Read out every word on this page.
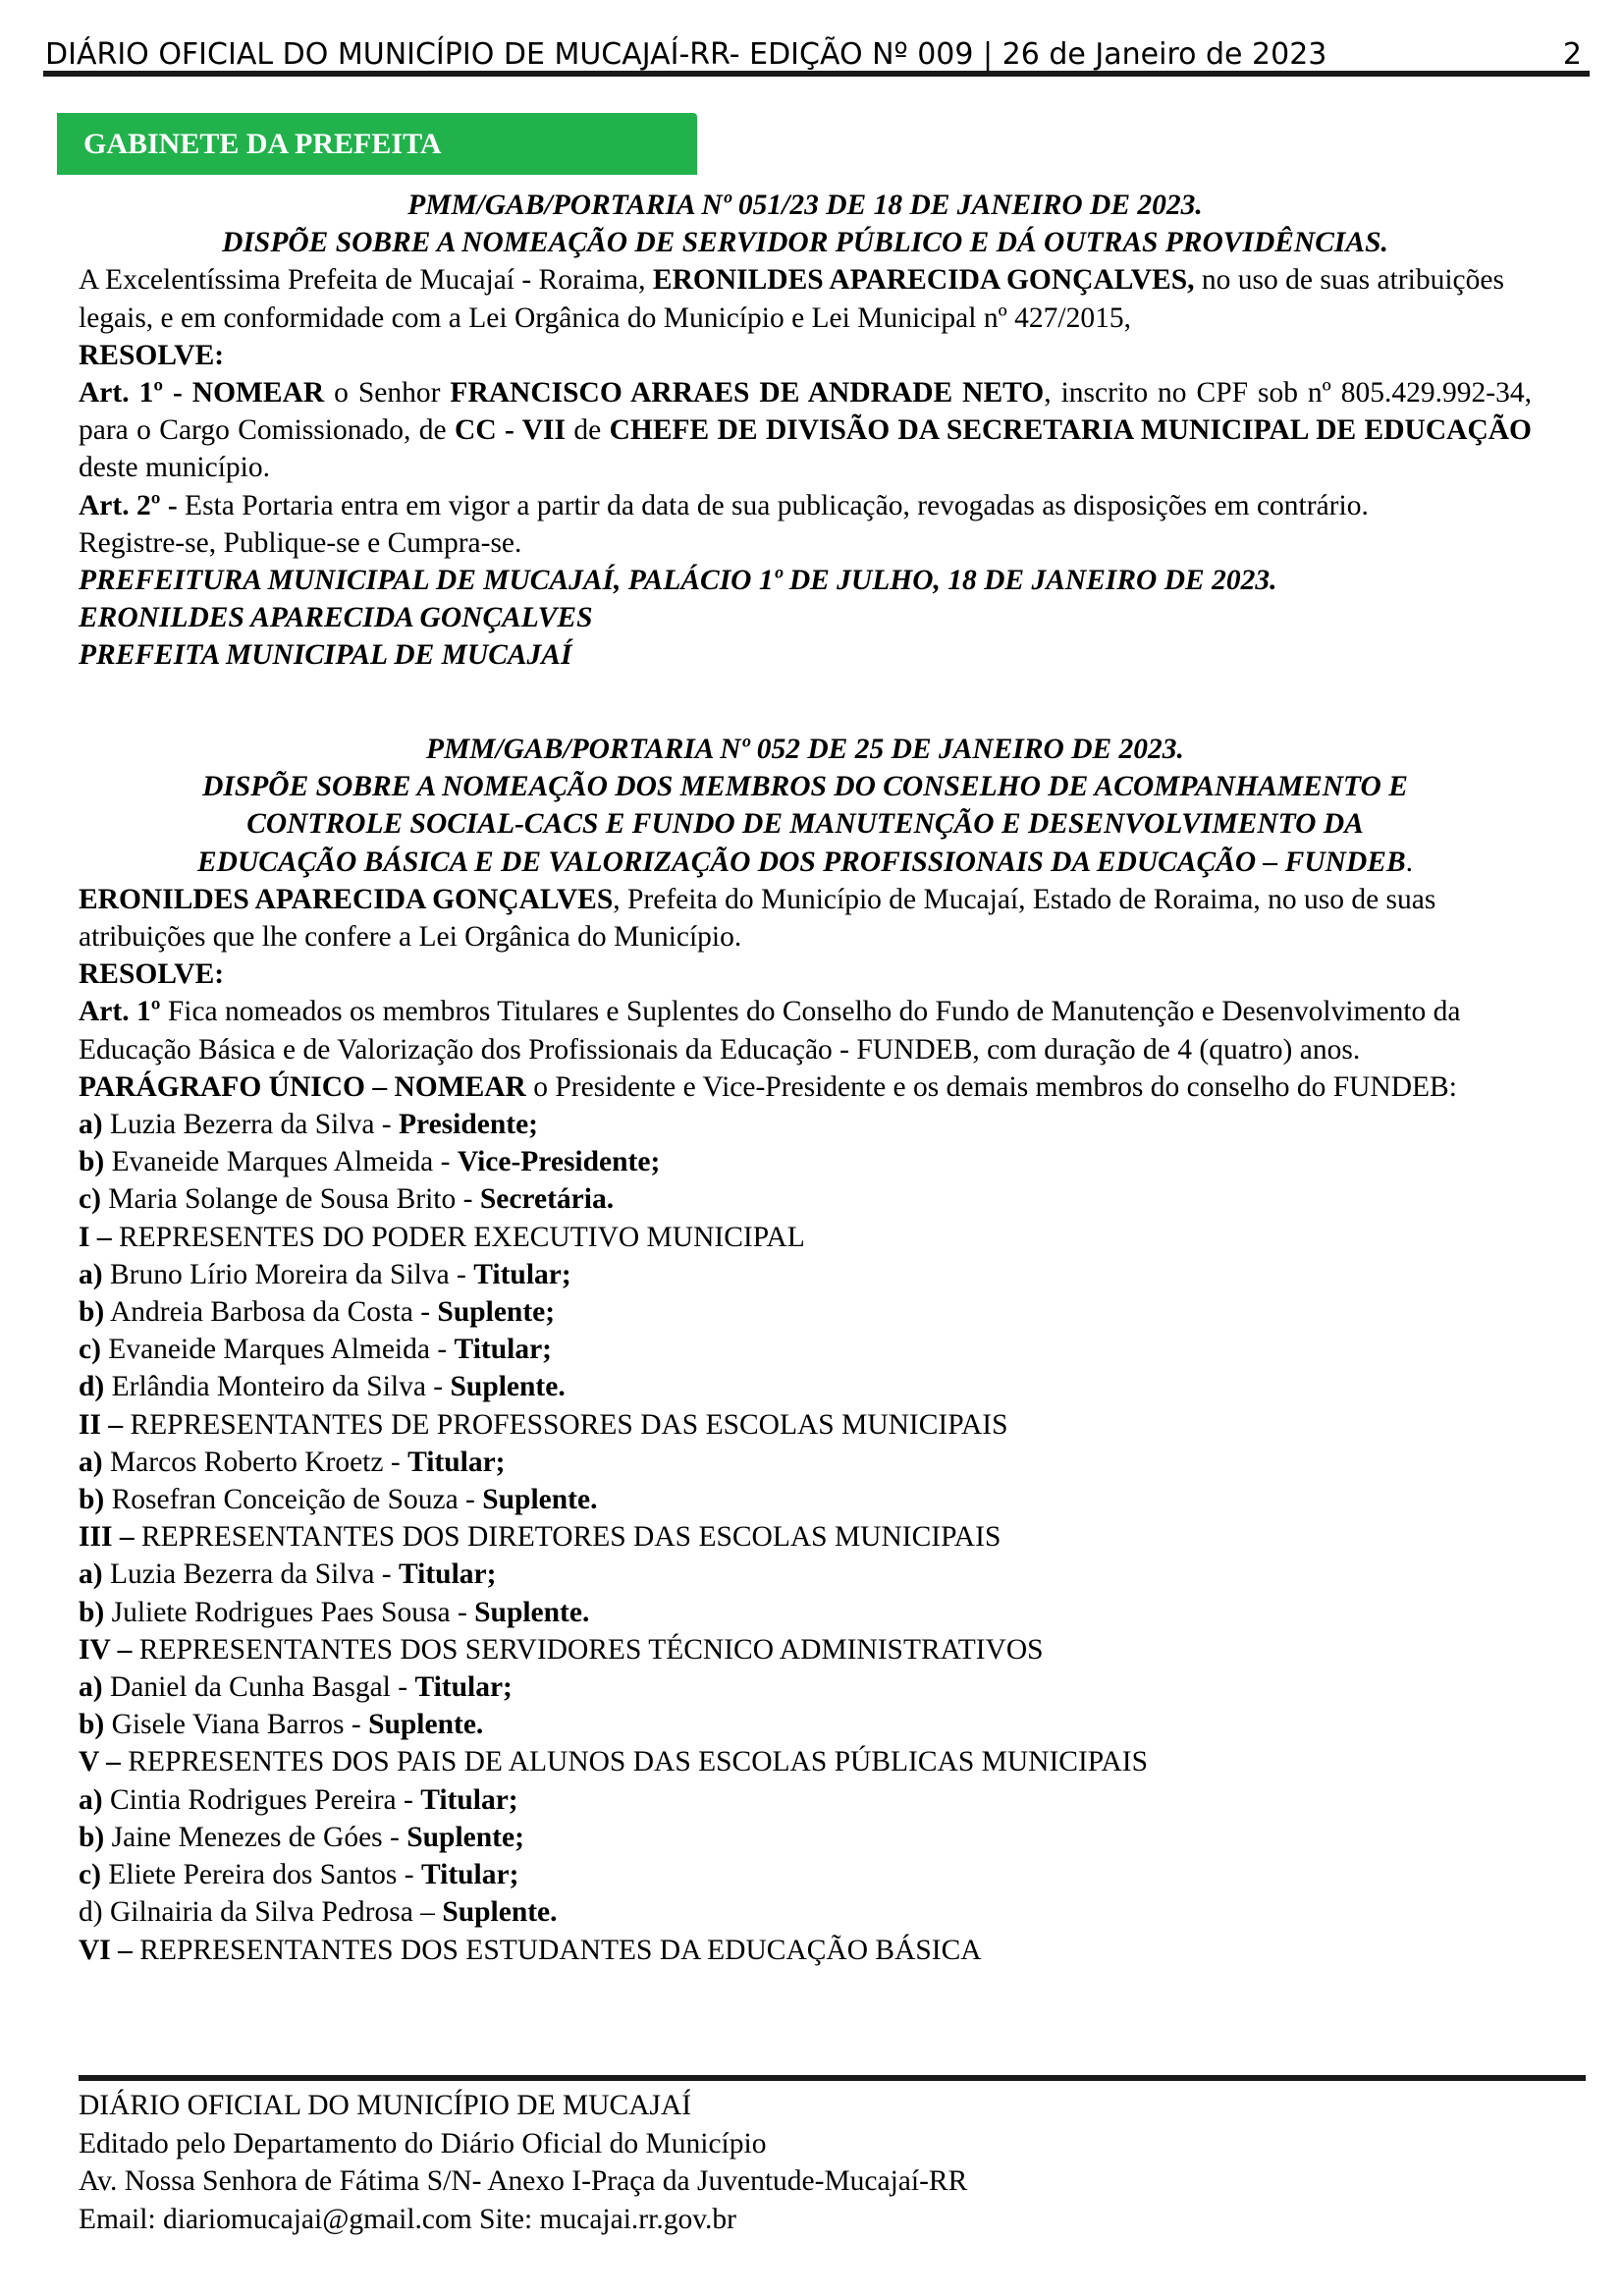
DIÁRIO OFICIAL DO MUNICÍPIO DE MUCAJAÍ-RR- EDIÇÃO Nº 009 | 26 de Janeiro de 2023	2
GABINETE DA PREFEITA

PMM/GAB/PORTARIA Nº 051/23 DE 18 DE JANEIRO DE 2023.

DISPÕE SOBRE A NOMEAÇÃO DE SERVIDOR PÚBLICO E DÁ OUTRAS PROVIDÊNCIAS.

A Excelentíssima Prefeita de Mucajaí - Roraima, ERONILDES APARECIDA GONÇALVES, no uso de suas atribuições legais, e em conformidade com a Lei Orgânica do Município e Lei Municipal nº 427/2015,

RESOLVE:

Art. 1º - NOMEAR o Senhor FRANCISCO ARRAES DE ANDRADE NETO, inscrito no CPF sob nº 805.429.992-34, para o Cargo Comissionado, de CC - VII de CHEFE DE DIVISÃO DA SECRETARIA MUNICIPAL DE EDUCAÇÃO deste município.

Art. 2º - Esta Portaria entra em vigor a partir da data de sua publicação, revogadas as disposições em contrário.

Registre-se, Publique-se e Cumpra-se.

PREFEITURA MUNICIPAL DE MUCAJAÍ, PALÁCIO 1º DE JULHO, 18 DE JANEIRO DE 2023.

ERONILDES APARECIDA GONÇALVES

PREFEITA MUNICIPAL DE MUCAJAÍ

PMM/GAB/PORTARIA Nº 052 DE 25 DE JANEIRO DE 2023.

DISPÕE SOBRE A NOMEAÇÃO DOS MEMBROS DO CONSELHO DE ACOMPANHAMENTO E

CONTROLE SOCIAL-CACS E FUNDO DE MANUTENÇÃO E DESENVOLVIMENTO DA

EDUCAÇÃO BÁSICA E DE VALORIZAÇÃO DOS PROFISSIONAIS DA EDUCAÇÃO – FUNDEB.

ERONILDES APARECIDA GONÇALVES, Prefeita do Município de Mucajaí, Estado de Roraima, no uso de suas atribuições que lhe confere a Lei Orgânica do Município.

RESOLVE:

Art. 1º Fica nomeados os membros Titulares e Suplentes do Conselho do Fundo de Manutenção e Desenvolvimento da Educação Básica e de Valorização dos Profissionais da Educação - FUNDEB, com duração de 4 (quatro) anos.

PARÁGRAFO ÚNICO – NOMEAR o Presidente e Vice-Presidente e os demais membros do conselho do FUNDEB:

a) Luzia Bezerra da Silva - Presidente;

b) Evaneide Marques Almeida - Vice-Presidente;

c) Maria Solange de Sousa Brito - Secretária.

I – REPRESENTES DO PODER EXECUTIVO MUNICIPAL

a) Bruno Lírio Moreira da Silva - Titular;

b) Andreia Barbosa da Costa - Suplente;

c) Evaneide Marques Almeida - Titular;

d) Erlândia Monteiro da Silva - Suplente.

II – REPRESENTANTES DE PROFESSORES DAS ESCOLAS MUNICIPAIS

a) Marcos Roberto Kroetz - Titular;

b) Rosefran Conceição de Souza - Suplente.

III – REPRESENTANTES DOS DIRETORES DAS ESCOLAS MUNICIPAIS

a) Luzia Bezerra da Silva - Titular;

b) Juliete Rodrigues Paes Sousa - Suplente.

IV – REPRESENTANTES DOS SERVIDORES TÉCNICO ADMINISTRATIVOS

a) Daniel da Cunha Basgal - Titular;

b) Gisele Viana Barros - Suplente.

V – REPRESENTES DOS PAIS DE ALUNOS DAS ESCOLAS PÚBLICAS MUNICIPAIS

a) Cintia Rodrigues Pereira - Titular;

b) Jaine Menezes de Góes - Suplente;

c) Eliete Pereira dos Santos - Titular;

d) Gilnairia da Silva Pedrosa – Suplente.

VI – REPRESENTANTES DOS ESTUDANTES DA EDUCAÇÃO BÁSICA

DIÁRIO OFICIAL DO MUNICÍPIO DE MUCAJAÍ

Editado pelo Departamento do Diário Oficial do Município

Av. Nossa Senhora de Fátima S/N- Anexo I-Praça da Juventude-Mucajaí-RR

Email: diariomucajai@gmail.com Site: mucajai.rr.gov.br
